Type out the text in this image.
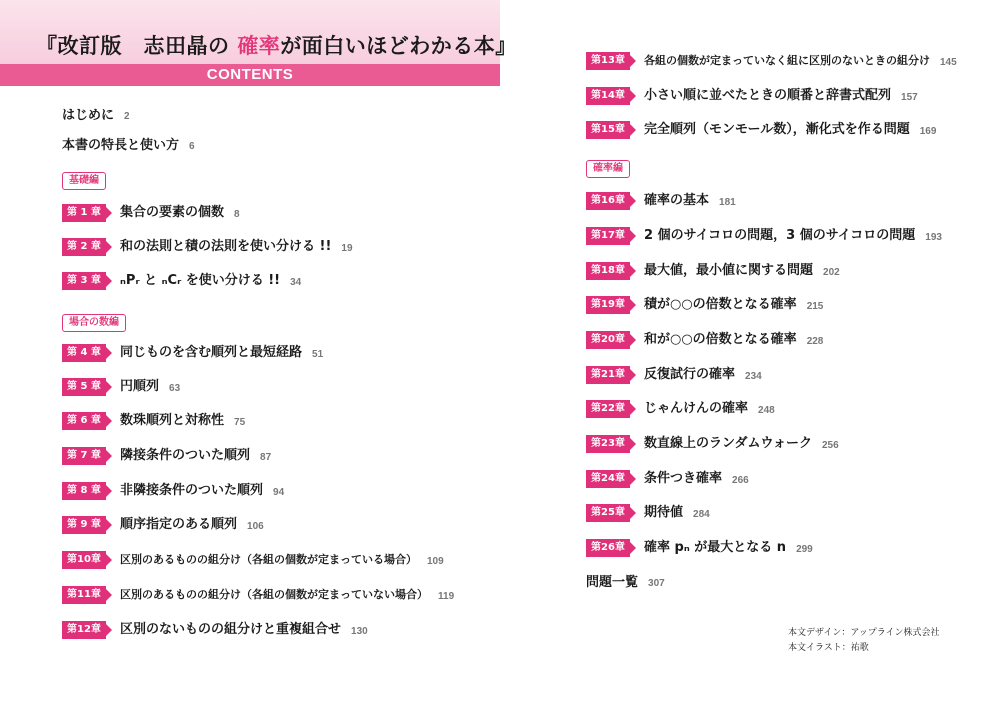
『改訂版　志田晶の 確率が面白いほどわかる本』
CONTENTS
はじめに 2
本書の特長と使い方 6
基礎編
第 1 章 集合の要素の個数 8
第 2 章 和の法則と積の法則を使い分ける !! 19
第 3 章 ₙPᵣ と ₙCᵣ を使い分ける !! 34
場合の数編
第 4 章 同じものを含む順列と最短経路 51
第 5 章 円順列 63
第 6 章 数珠順列と対称性 75
第 7 章 隣接条件のついた順列 87
第 8 章 非隣接条件のついた順列 94
第 9 章 順序指定のある順列 106
第10章 区別のあるものの組分け（各組の個数が定まっている場合） 109
第11章 区別のあるものの組分け（各組の個数が定まっていない場合） 119
第12章 区別のないものの組分けと重複組合せ 130
第13章 各組の個数が定まっていなく組に区別のないときの組分け 145
第14章 小さい順に並べたときの順番と辞書式配列 157
第15章 完全順列（モンモール数），漸化式を作る問題 169
確率編
第16章 確率の基本 181
第17章 2 個のサイコロの問題，3 個のサイコロの問題 193
第18章 最大値，最小値に関する問題 202
第19章 積が○○の倍数となる確率 215
第20章 和が○○の倍数となる確率 228
第21章 反復試行の確率 234
第22章 じゃんけんの確率 248
第23章 数直線上のランダムウォーク 256
第24章 条件つき確率 266
第25章 期待値 284
第26章 確率 pₙ が最大となる n 299
問題一覧 307
本文デザイン：アップライン株式会社
本文イラスト：祐歌
